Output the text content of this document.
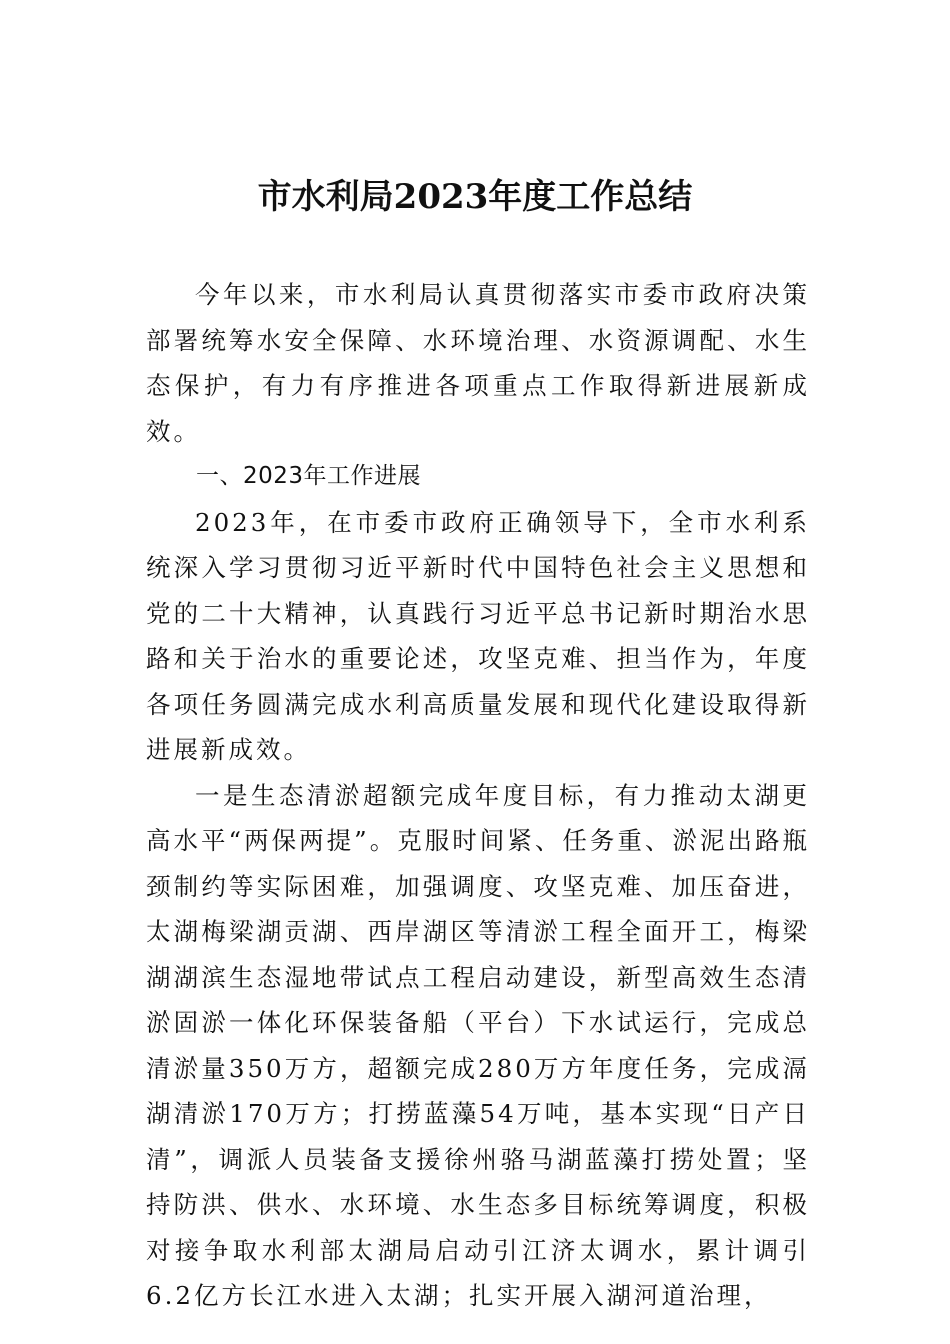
市水利局2023年度工作总结

今年以来，市水利局认真贯彻落实市委市政府决策部署统筹水安全保障、水环境治理、水资源调配、水生态保护，有力有序推进各项重点工作取得新进展新成效。

一、2023年工作进展

2023年，在市委市政府正确领导下，全市水利系统深入学习贯彻习近平新时代中国特色社会主义思想和党的二十大精神，认真践行习近平总书记新时期治水思路和关于治水的重要论述，攻坚克难、担当作为，年度各项任务圆满完成水利高质量发展和现代化建设取得新进展新成效。

一是生态清淤超额完成年度目标，有力推动太湖更高水平“两保两提”。克服时间紧、任务重、淤泥出路瓶颈制约等实际困难，加强调度、攻坚克难、加压奋进，太湖梅梁湖贡湖、西岸湖区等清淤工程全面开工，梅梁湖湖滨生态湿地带试点工程启动建设，新型高效生态清淤固淤一体化环保装备船（平台）下水试运行，完成总清淤量350万方，超额完成280万方年度任务，完成滆湖清淤170万方；打捞蓝藻54万吨，基本实现“日产日清”，调派人员装备支援徐州骆马湖蓝藻打捞处置；坚持防洪、供水、水环境、水生态多目标统筹调度，积极对接争取水利部太湖局启动引江济太调水，累计调引6.2亿方长江水进入太湖；扎实开展入湖河道治理，
